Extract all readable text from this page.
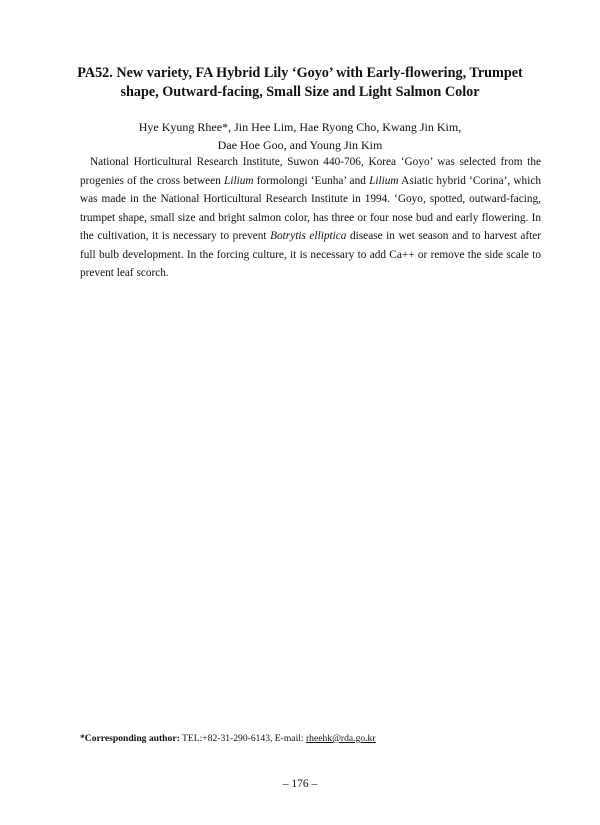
PA52. New variety, FA Hybrid Lily ‘Goyo’ with Early-flowering, Trumpet
shape, Outward-facing, Small Size and Light Salmon Color
Hye Kyung Rhee*, Jin Hee Lim, Hae Ryong Cho, Kwang Jin Kim,
Dae Hoe Goo, and Young Jin Kim

National Horticultural Research Institute, Suwon 440-706, Korea ‘Goyo’ was selected from the progenies of the cross between Lilium formolongi ‘Eunha’ and Lilium Asiatic hybrid ‘Corina’, which was made in the National Horticultural Research Institute in 1994. ‘Goyo, spotted, outward-facing, trumpet shape, small size and bright salmon color, has three or four nose bud and early flowering. In the cultivation, it is necessary to prevent Botrytis elliptica disease in wet season and to harvest after full bulb development. In the forcing culture, it is necessary to add Ca++ or remove the side scale to prevent leaf scorch.

*Corresponding author: TEL:+82-31-290-6143, E-mail: rheehk@rda.go.kr
– 176 –
